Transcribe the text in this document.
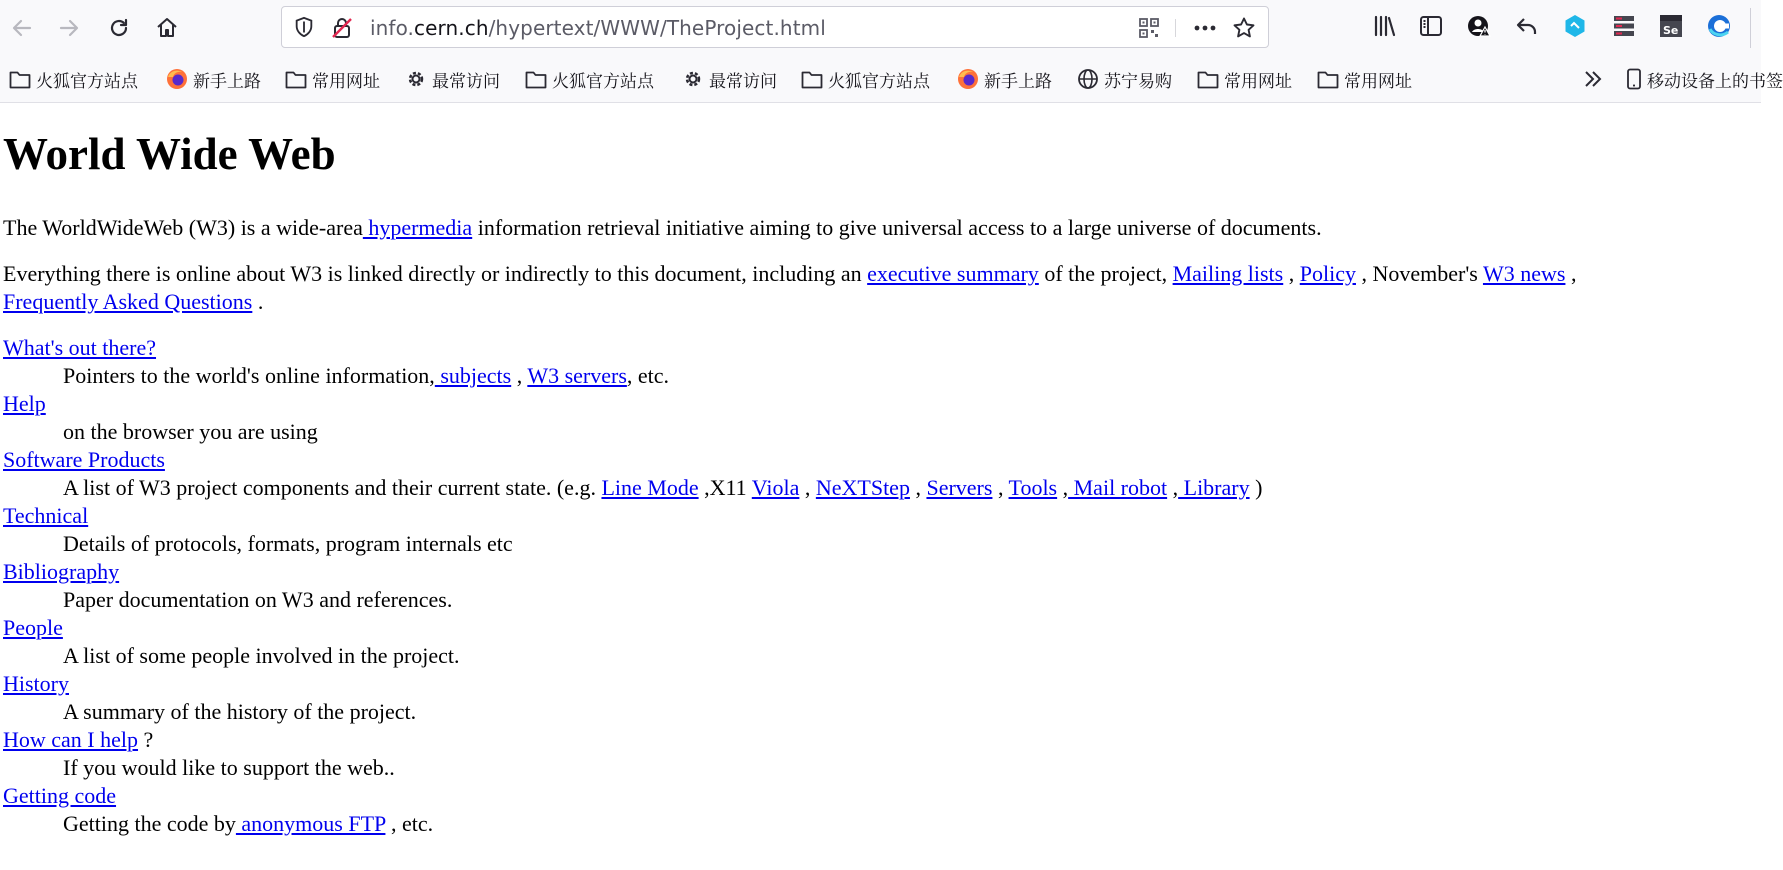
info.cern.ch/hypertext/WWW/TheProject.html	Se
火狐官方站点	新手上路	常用网址	最常访问	火狐官方站点	最常访问	火狐官方站点	新手上路	苏宁易购	常用网址	常用网址	移动设备上的书签
World Wide Web
The WorldWideWeb (W3) is a wide-area hypermedia information retrieval initiative aiming to give universal access to a large universe of documents.
Everything there is online about W3 is linked directly or indirectly to this document, including an executive summary of the project, Mailing lists , Policy , November's W3 news ,
Frequently Asked Questions .
What's out there?
Pointers to the world's online information, subjects , W3 servers, etc.
Help
on the browser you are using
Software Products
A list of W3 project components and their current state. (e.g. Line Mode ,X11 Viola , NeXTStep , Servers , Tools , Mail robot , Library )
Technical
Details of protocols, formats, program internals etc
Bibliography
Paper documentation on W3 and references.
People
A list of some people involved in the project.
History
A summary of the history of the project.
How can I help ?
If you would like to support the web..
Getting code
Getting the code by anonymous FTP , etc.
